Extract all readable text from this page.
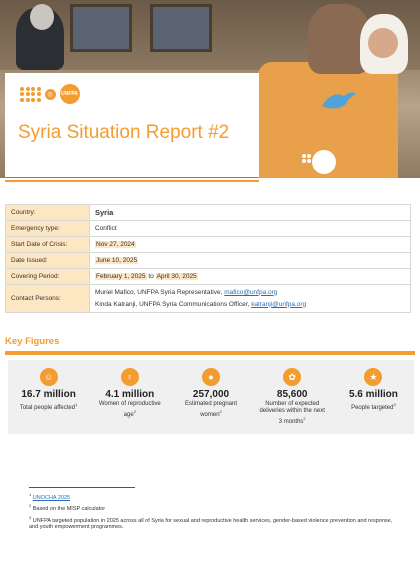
◎	UNFPA
Syria Situation Report #2
Country:	Syria
Emergency type:	Conflict
Start Date of Crisis:	Nov 27, 2024
Date Issued:	June 10, 2025
Covering Period:	February 1, 2025 to April 30, 2025
Contact Persons:	Muriel Mafico, UNFPA Syria Representative, mafico@unfpa.org
Kinda Katranji, UNFPA Syria Communications Officer, katranji@unfpa.org
Key Figures
☺
16.7 million
Total people affected$^1$
♀
4.1 million
Women of reproductive age$^2$
●
257,000
Estimated pregnant women$^2$
✿
85,600
Number of expected deliveries within the next 3 months$^2$
★
5.6 million
People targeted$^3$
$^1$ UNOCHA 2025
$^2$ Based on the MISP calculator
$^3$ UNFPA targeted population in 2025 across all of Syria for sexual and reproductive health services, gender-based violence prevention and response, and youth empowerment programmes.
